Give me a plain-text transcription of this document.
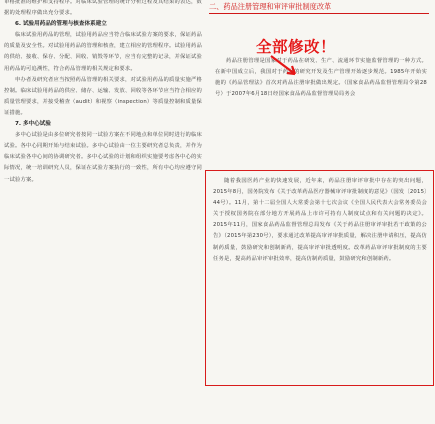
审格批准的维护和支持程序。对临床试验管理的统计分析过程及其结果的表达，数据的处理程序做出充分要求。

6. 试验用药品的管理与核查体系建立

临床试验用药品的管理，试验用药品应当符合临床试验方案的要求，保证药品的质量及安全性。对试验用药品的管理和核查，建立相应的管理程序。试验用药品的供给、接收、保存、分配、回收、销毁等环节，应当有完整的记录，并保证试验用药品的可追溯性，符合药品管理的相关规定和要求。

申办者及研究者应当按照药品管理的相关要求，对试验用药品的质量实施严格控制。临床试验用药品的供应、储存、运输、发放、回收等各环节应当符合相应的质量管理要求，并接受稽查（audit）和视察（inspection）等质量控制和质量保证措施。

7. 多中心试验

多中心试验是由多位研究者按同一试验方案在不同地点和单位同时进行的临床试验。各中心同期开始与结束试验。多中心试验由一位主要研究者总负责，并作为临床试验各中心间的协调研究者。多中心试验的计划和组织实施要考虑各中心的实际情况，统一培训研究人员，保证在试验方案执行的一致性，所有中心均应遵守同一试验方案。

二、药品注册管理和审评审批制度改革

药品注册管理是国家对于药品在研发、生产、流通环节实施监督管理的一种方式。在新中国成立后，我国对于药品的研究开发及生产管理开始逐步规范。1985年开始实施的《药品管理法》首次对药品注册审批做出规定。（国家食品药品监督管理局令第28号）于2007年6月18日经国家食品药品监督管理局局务会

全部修改！

随着我国医药产业的快速发展，近年来，药品注册审评审批中存在的突出问题，2015年8月，国务院发布《关于改革药品医疗器械审评审批制度的意见》（国发〔2015〕44号）。11月，第十二届全国人大常委会第十七次会议《全国人民代表大会常务委员会关于授权国务院在部分地方开展药品上市许可持有人制度试点和有关问题的决定》。2015年11月，国家食品药品监督管理总局发布《关于药品注册审评审批若干政策的公告》（2015年第230号），要求通过改革提高审评审批质量，解决注册申请积压，提高仿制药质量，鼓励研究和创制新药，提高审评审批透明度。改革药品审评审批制度的主要任务是，提高药品审评审批效率，提高仿制药质量，鼓励研究和创制新药。
